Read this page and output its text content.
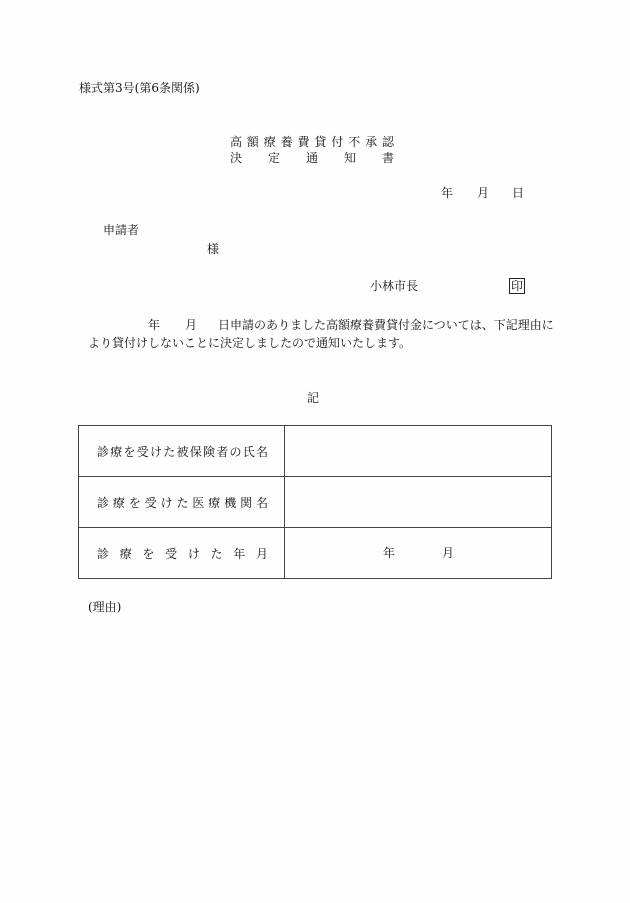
様式第3号(第6条関係)
高額療養費貸付不承認
決定通知書
年 月 日
申請者
様
小林市長	印
年 月 日申請のありました高額療養費貸付金については、下記理由に
より貸付けしないことに決定しましたので通知いたします。
記
診療を受けた被保険者の氏名	

診療を受けた医療機関名	

診療を受けた年月	年 月
(理由)
